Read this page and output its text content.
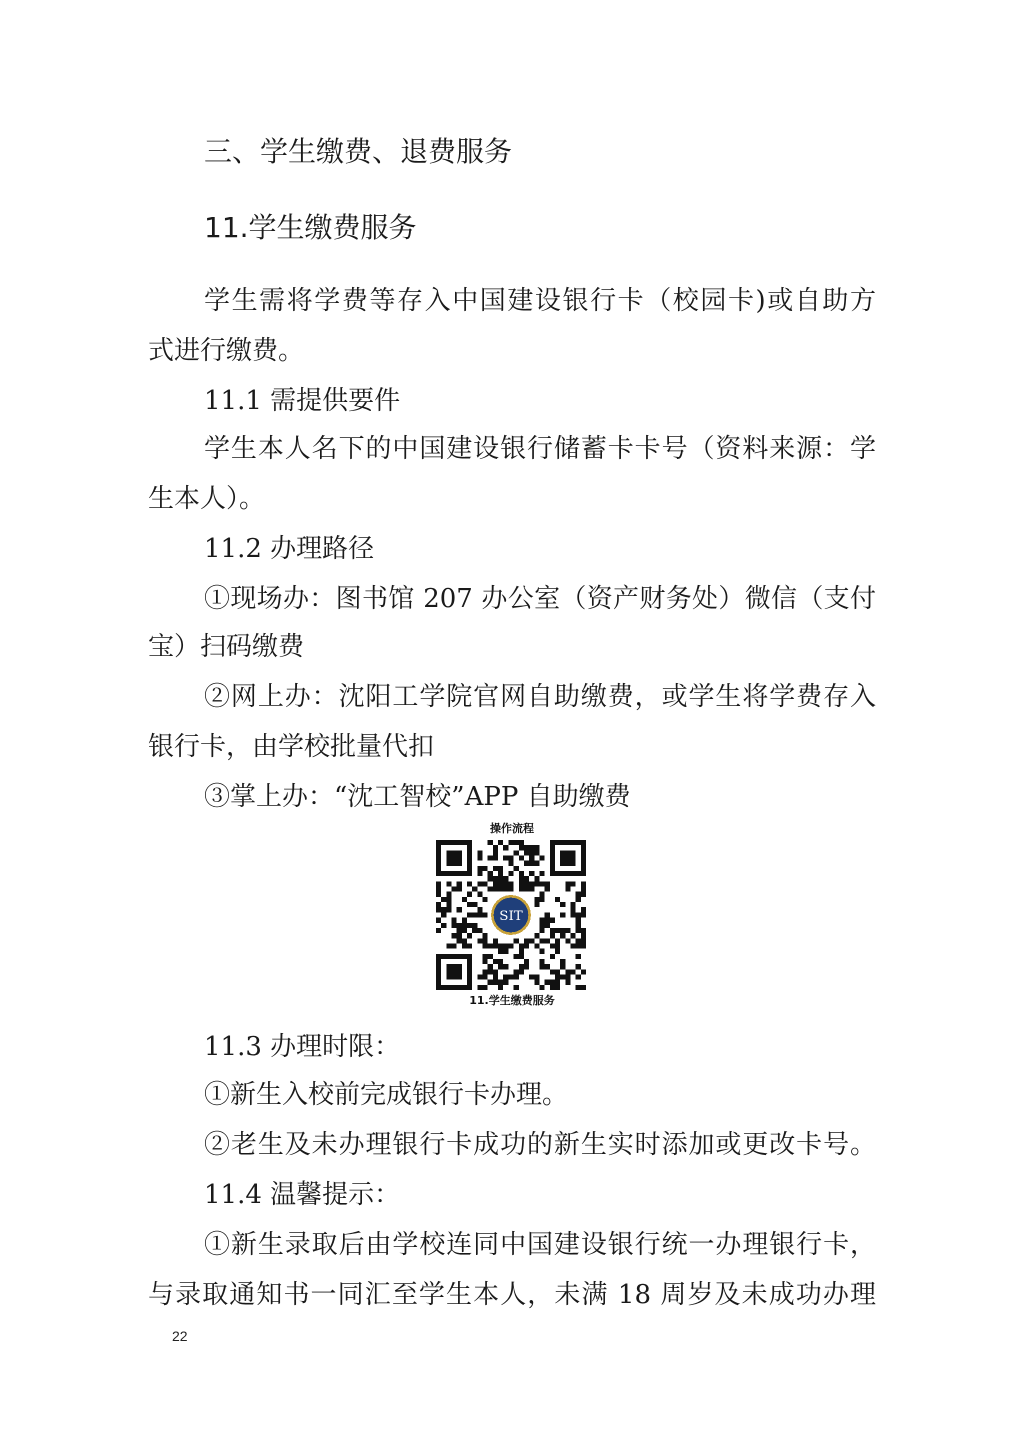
三、学生缴费、退费服务
11.学生缴费服务
学生需将学费等存入中国建设银行卡（校园卡)或自助方
式进行缴费。
11.1 需提供要件
学生本人名下的中国建设银行储蓄卡卡号（资料来源：学
生本人）。
11.2 办理路径
①现场办：图书馆 207 办公室（资产财务处）微信（支付
宝）扫码缴费
②网上办：沈阳工学院官网自助缴费，或学生将学费存入
银行卡，由学校批量代扣
③掌上办：“沈工智校”APP 自助缴费
操作流程
SIT
11.学生缴费服务
11.3 办理时限：
①新生入校前完成银行卡办理。
②老生及未办理银行卡成功的新生实时添加或更改卡号。
11.4 温馨提示：
①新生录取后由学校连同中国建设银行统一办理银行卡，
与录取通知书一同汇至学生本人，未满 18 周岁及未成功办理
22
